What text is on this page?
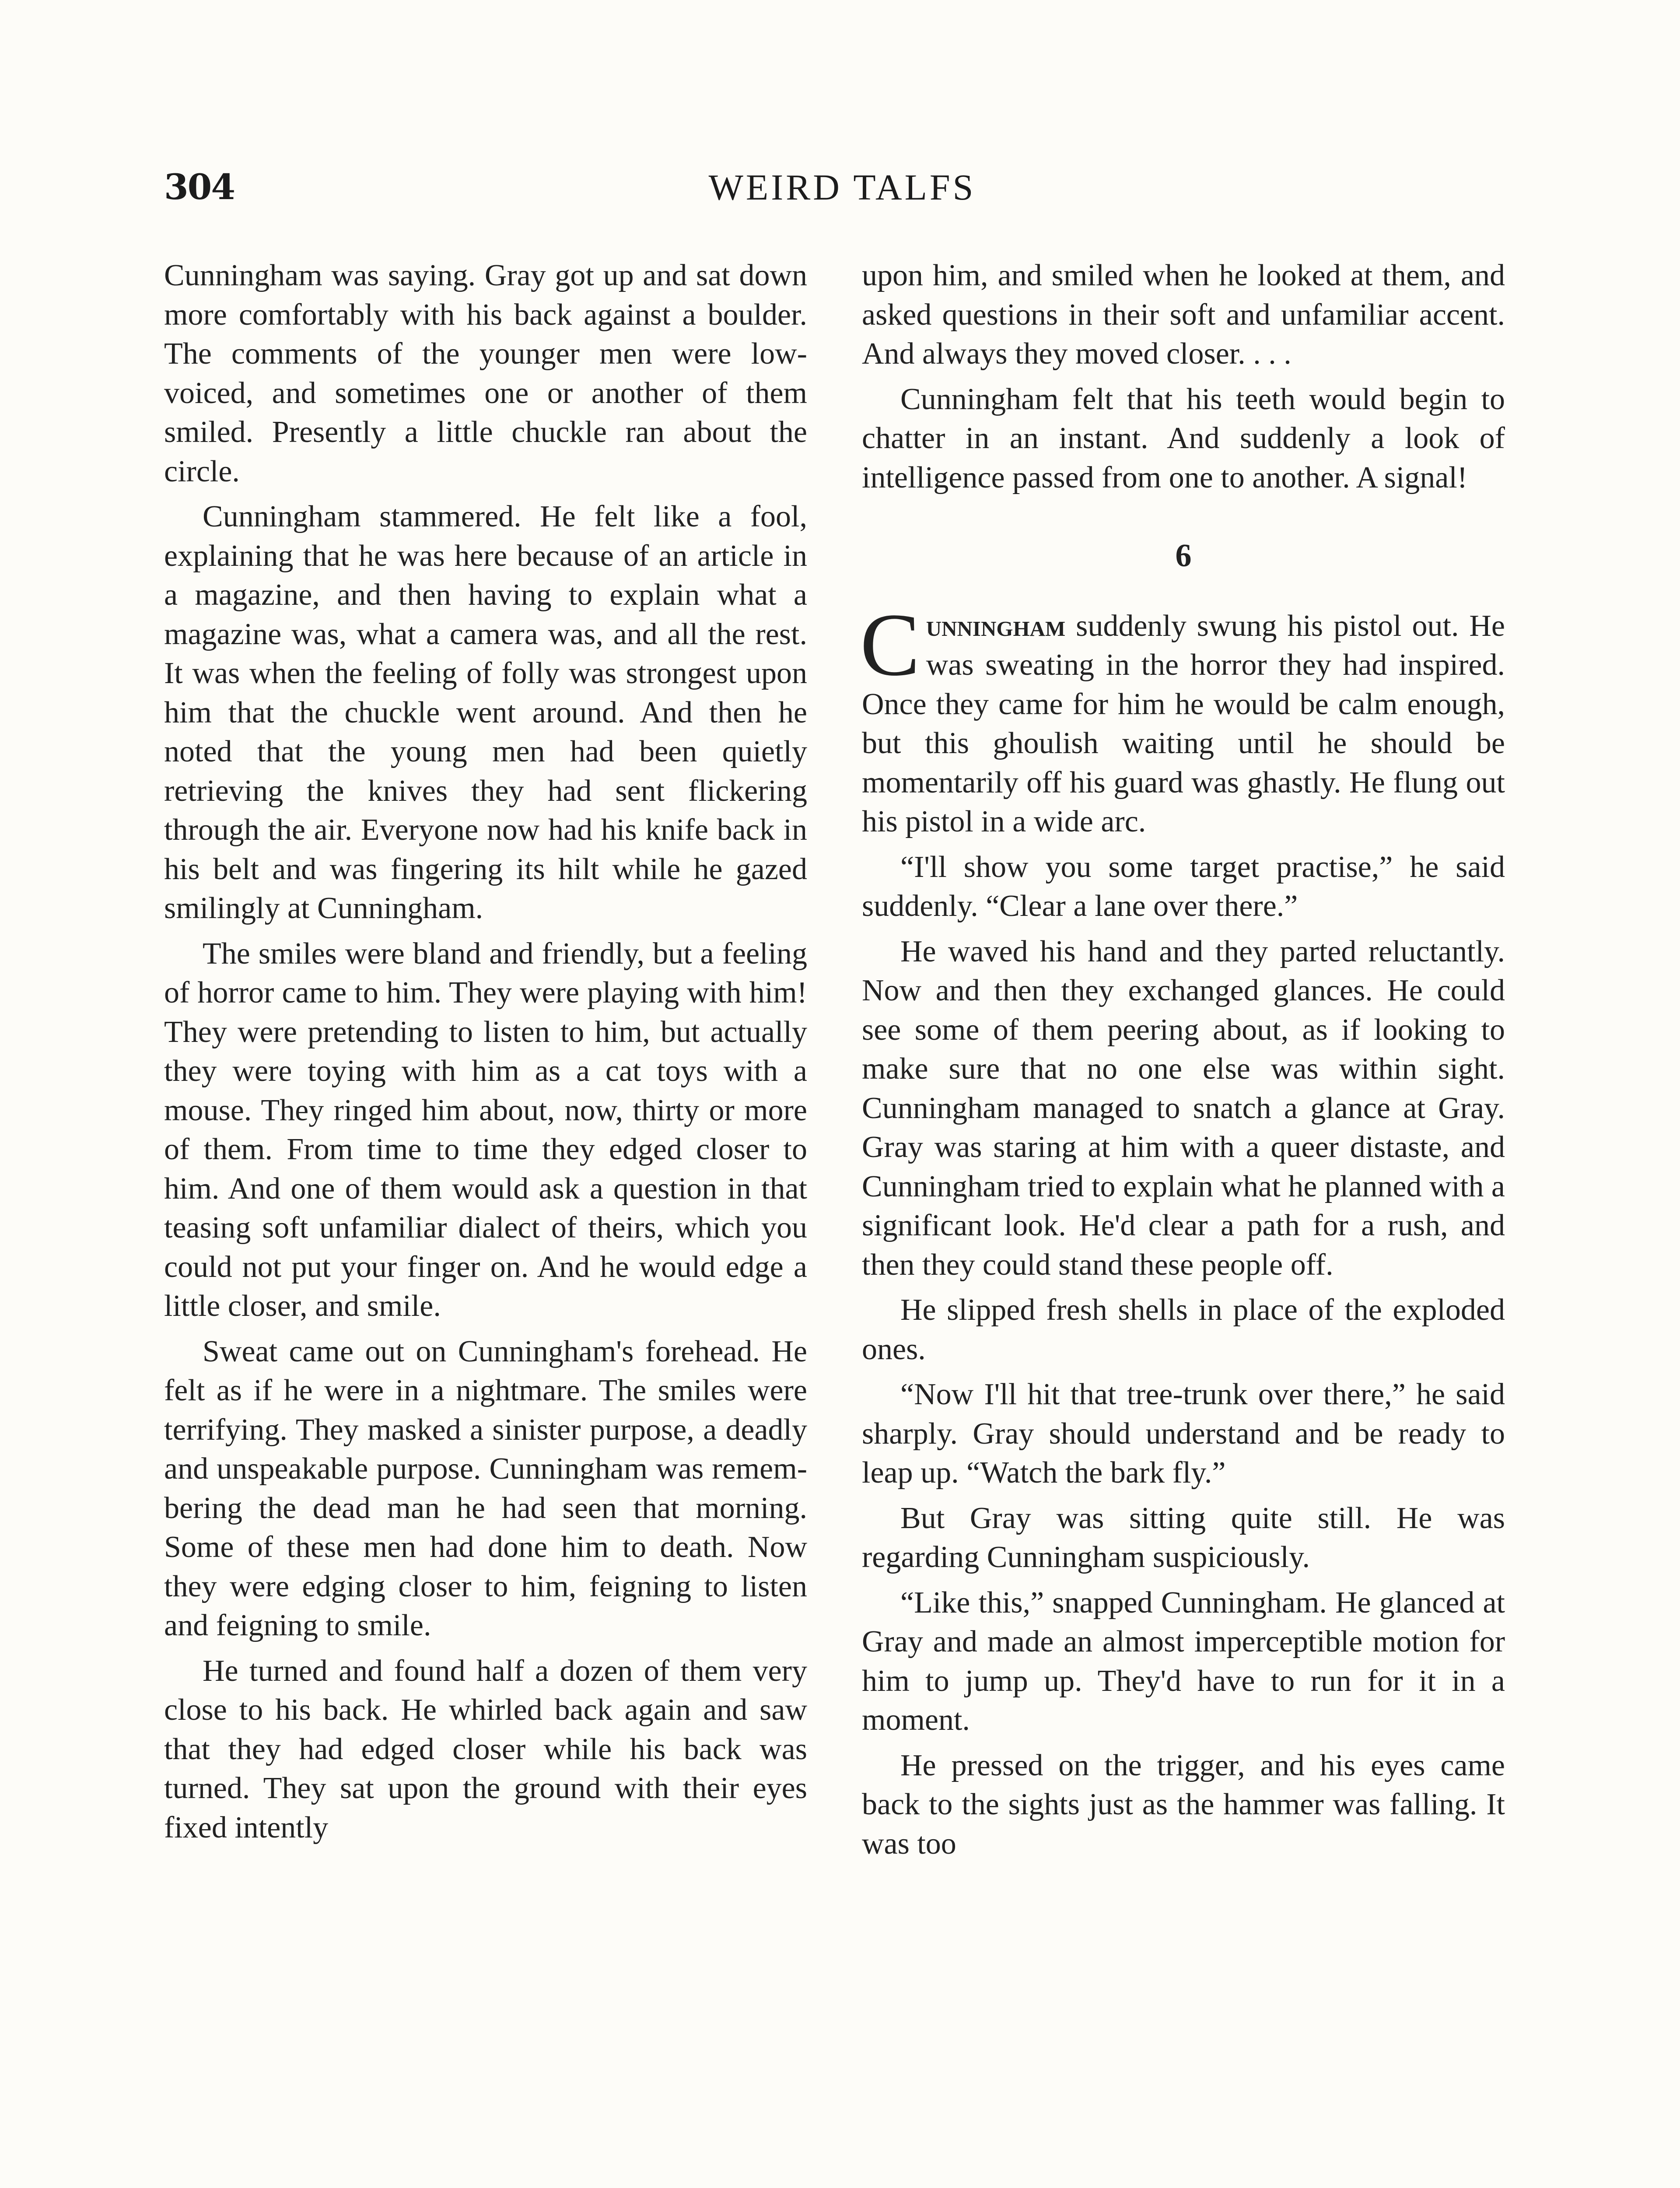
304	WEIRD TALFS

Cunningham was saying. Gray got up and sat down more comfortably with his back against a boulder. The comments of the younger men were low-voiced, and sometimes one or another of them smiled. Presently a little chuckle ran about the circle.

Cunningham stammered. He felt like a fool, explaining that he was here because of an article in a magazine, and then having to explain what a magazine was, what a camera was, and all the rest. It was when the feeling of folly was strongest upon him that the chuckle went around. And then he noted that the young men had been quietly retrieving the knives they had sent flickering through the air. Everyone now had his knife back in his belt and was fingering its hilt while he gazed smilingly at Cunningham.

The smiles were bland and friendly, but a feeling of horror came to him. They were playing with him! They were pretending to listen to him, but actually they were toying with him as a cat toys with a mouse. They ringed him about, now, thirty or more of them. From time to time they edged closer to him. And one of them would ask a question in that teasing soft unfamiliar dialect of theirs, which you could not put your finger on. And he would edge a little closer, and smile.

Sweat came out on Cunningham's forehead. He felt as if he were in a nightmare. The smiles were terrifying. They masked a sinister purpose, a deadly and unspeakable purpose. Cunningham was remembering the dead man he had seen that morning. Some of these men had done him to death. Now they were edging closer to him, feigning to listen and feigning to smile.

He turned and found half a dozen of them very close to his back. He whirled back again and saw that they had edged closer while his back was turned. They sat upon the ground with their eyes fixed intently

upon him, and smiled when he looked at them, and asked questions in their soft and unfamiliar accent. And always they moved closer. . . .

Cunningham felt that his teeth would begin to chatter in an instant. And suddenly a look of intelligence passed from one to another. A signal!

6

Cunningham suddenly swung his pistol out. He was sweating in the horror they had inspired. Once they came for him he would be calm enough, but this ghoulish waiting until he should be momentarily off his guard was ghastly. He flung out his pistol in a wide arc.

“I'll show you some target practise,” he said suddenly. “Clear a lane over there.”

He waved his hand and they parted reluctantly. Now and then they exchanged glances. He could see some of them peering about, as if looking to make sure that no one else was within sight. Cunningham managed to snatch a glance at Gray. Gray was staring at him with a queer distaste, and Cunningham tried to explain what he planned with a significant look. He'd clear a path for a rush, and then they could stand these people off.

He slipped fresh shells in place of the exploded ones.

“Now I'll hit that tree-trunk over there,” he said sharply. Gray should understand and be ready to leap up. “Watch the bark fly.”

But Gray was sitting quite still. He was regarding Cunningham suspiciously.

“Like this,” snapped Cunningham. He glanced at Gray and made an almost imperceptible motion for him to jump up. They'd have to run for it in a moment.

He pressed on the trigger, and his eyes came back to the sights just as the hammer was falling. It was too
